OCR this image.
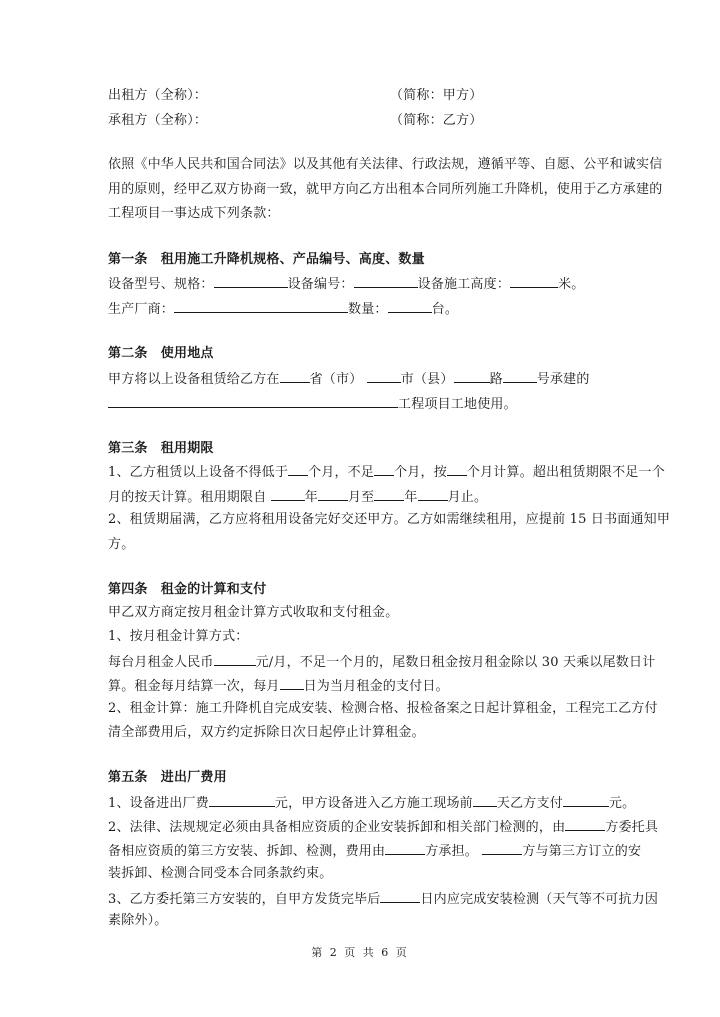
出租方（全称）：	（简称：甲方）
承租方（全称）：	（简称：乙方）
依照《中华人民共和国合同法》以及其他有关法律、行政法规，遵循平等、自愿、公平和诚实信
用的原则，经甲乙双方协商一致，就甲方向乙方出租本合同所列施工升降机，使用于乙方承建的
工程项目一事达成下列条款：
第一条　租用施工升降机规格、产品编号、高度、数量
设备型号、规格：	设备编号：	设备施工高度：	米。
生产厂商：	数量：	台。
第二条　使用地点
甲方将以上设备租赁给乙方在 省（市）	市（县）	路	号承建的
工程项目工地使用。
第三条　租用期限
1、乙方租赁以上设备不得低于 个月，不足 个月，按 个月计算。超出租赁期限不足一个
月的按天计算。租用期限自	年 月至 年 月止。
2、租赁期届满，乙方应将租用设备完好交还甲方。乙方如需继续租用，应提前 15 日书面通知甲
方。
第四条　租金的计算和支付
甲乙双方商定按月租金计算方式收取和支付租金。
1、按月租金计算方式：
每台月租金人民币	元/月，不足一个月的，尾数日租金按月租金除以 30 天乘以尾数日计
算。租金每月结算一次，每月 日为当月租金的支付日。
2、租金计算：施工升降机自完成安装、检测合格、报检备案之日起计算租金，工程完工乙方付
清全部费用后，双方约定拆除日次日起停止计算租金。
第五条　进出厂费用
1、设备进出厂费	元，甲方设备进入乙方施工现场前 天乙方支付	元。
2、法律、法规规定必须由具备相应资质的企业安装拆卸和相关部门检测的，由	方委托具
备相应资质的第三方安装、拆卸、检测，费用由	方承担。	方与第三方订立的安
装拆卸、检测合同受本合同条款约束。
3、乙方委托第三方安装的，自甲方发货完毕后	日内应完成安装检测（天气等不可抗力因
素除外）。
第 2 页 共 6 页
